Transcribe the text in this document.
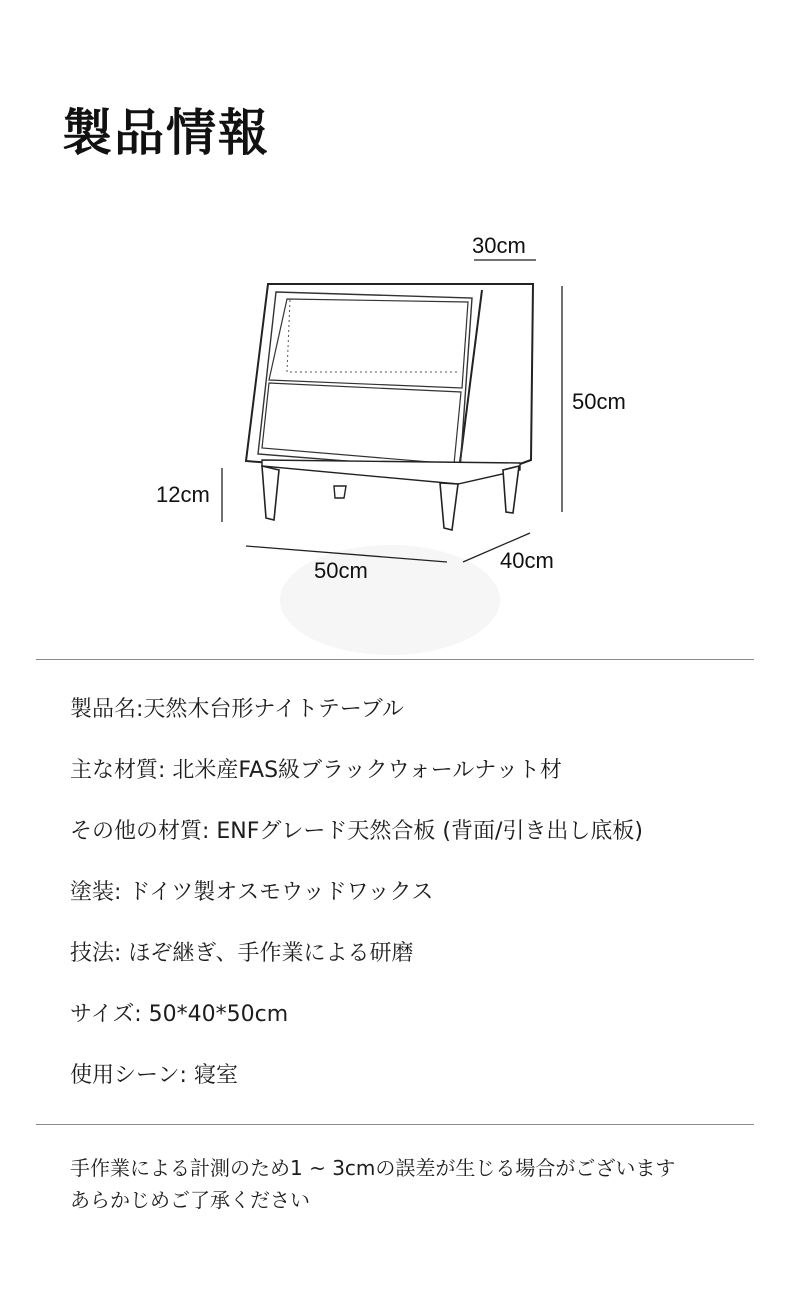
製品情報
30cm
50cm
12cm
50cm	40cm
製品名:天然木台形ナイトテーブル
主な材質: 北米産FAS級ブラックウォールナット材
その他の材質: ENFグレード天然合板 (背面/引き出し底板)
塗装: ドイツ製オスモウッドワックス
技法: ほぞ継ぎ、手作業による研磨
サイズ: 50*40*50cm
使用シーン: 寝室

手作業による計測のため1 ~ 3cmの誤差が生じる場合がございます
あらかじめご了承ください
